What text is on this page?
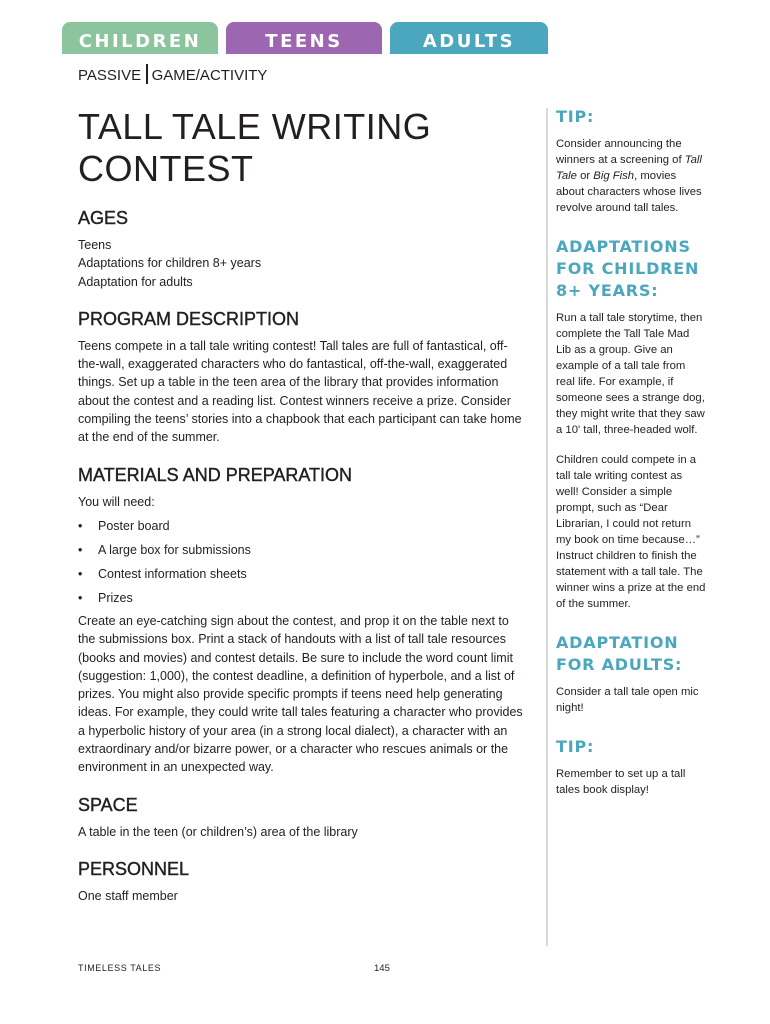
CHILDREN	TEENS	ADULTS
PASSIVE GAME/ACTIVITY
TALL TALE WRITING
CONTEST
AGES
Teens
Adaptations for children 8+ years
Adaptation for adults
PROGRAM DESCRIPTION

Teens compete in a tall tale writing contest! Tall tales are full of fantastical, off-the-wall, exaggerated characters who do fantastical, off-the-wall, exaggerated things. Set up a table in the teen area of the library that provides information about the contest and a reading list. Contest winners receive a prize. Consider compiling the teens’ stories into a chapbook that each participant can take home at the end of the summer.

MATERIALS AND PREPARATION
You will need:
• Poster board
• A large box for submissions
• Contest information sheets
• Prizes

Create an eye-catching sign about the contest, and prop it on the table next to the submissions box. Print a stack of handouts with a list of tall tale resources (books and movies) and contest details. Be sure to include the word count limit (suggestion: 1,000), the contest deadline, a definition of hyperbole, and a list of prizes. You might also provide specific prompts if teens need help generating ideas. For example, they could write tall tales featuring a character who provides a hyperbolic history of your area (in a strong local dialect), a character with an extraordinary and/or bizarre power, or a character who rescues animals or the environment in an unexpected way.

SPACE

A table in the teen (or children’s) area of the library

PERSONNEL

One staff member

TIP:

Consider announcing the winners at a screening of Tall Tale or Big Fish, movies about characters whose lives revolve around tall tales.

ADAPTATIONS
FOR CHILDREN
8+ YEARS:

Run a tall tale storytime, then complete the Tall Tale Mad Lib as a group. Give an example of a tall tale from real life. For example, if someone sees a strange dog, they might write that they saw a 10' tall, three-headed wolf.

Children could compete in a tall tale writing contest as well! Consider a simple prompt, such as “Dear Librarian, I could not return my book on time because…” Instruct children to finish the statement with a tall tale. The winner wins a prize at the end of the summer.

ADAPTATION
FOR ADULTS:

Consider a tall tale open mic night!

TIP:

Remember to set up a tall tales book display!

TIMELESS TALES	145
